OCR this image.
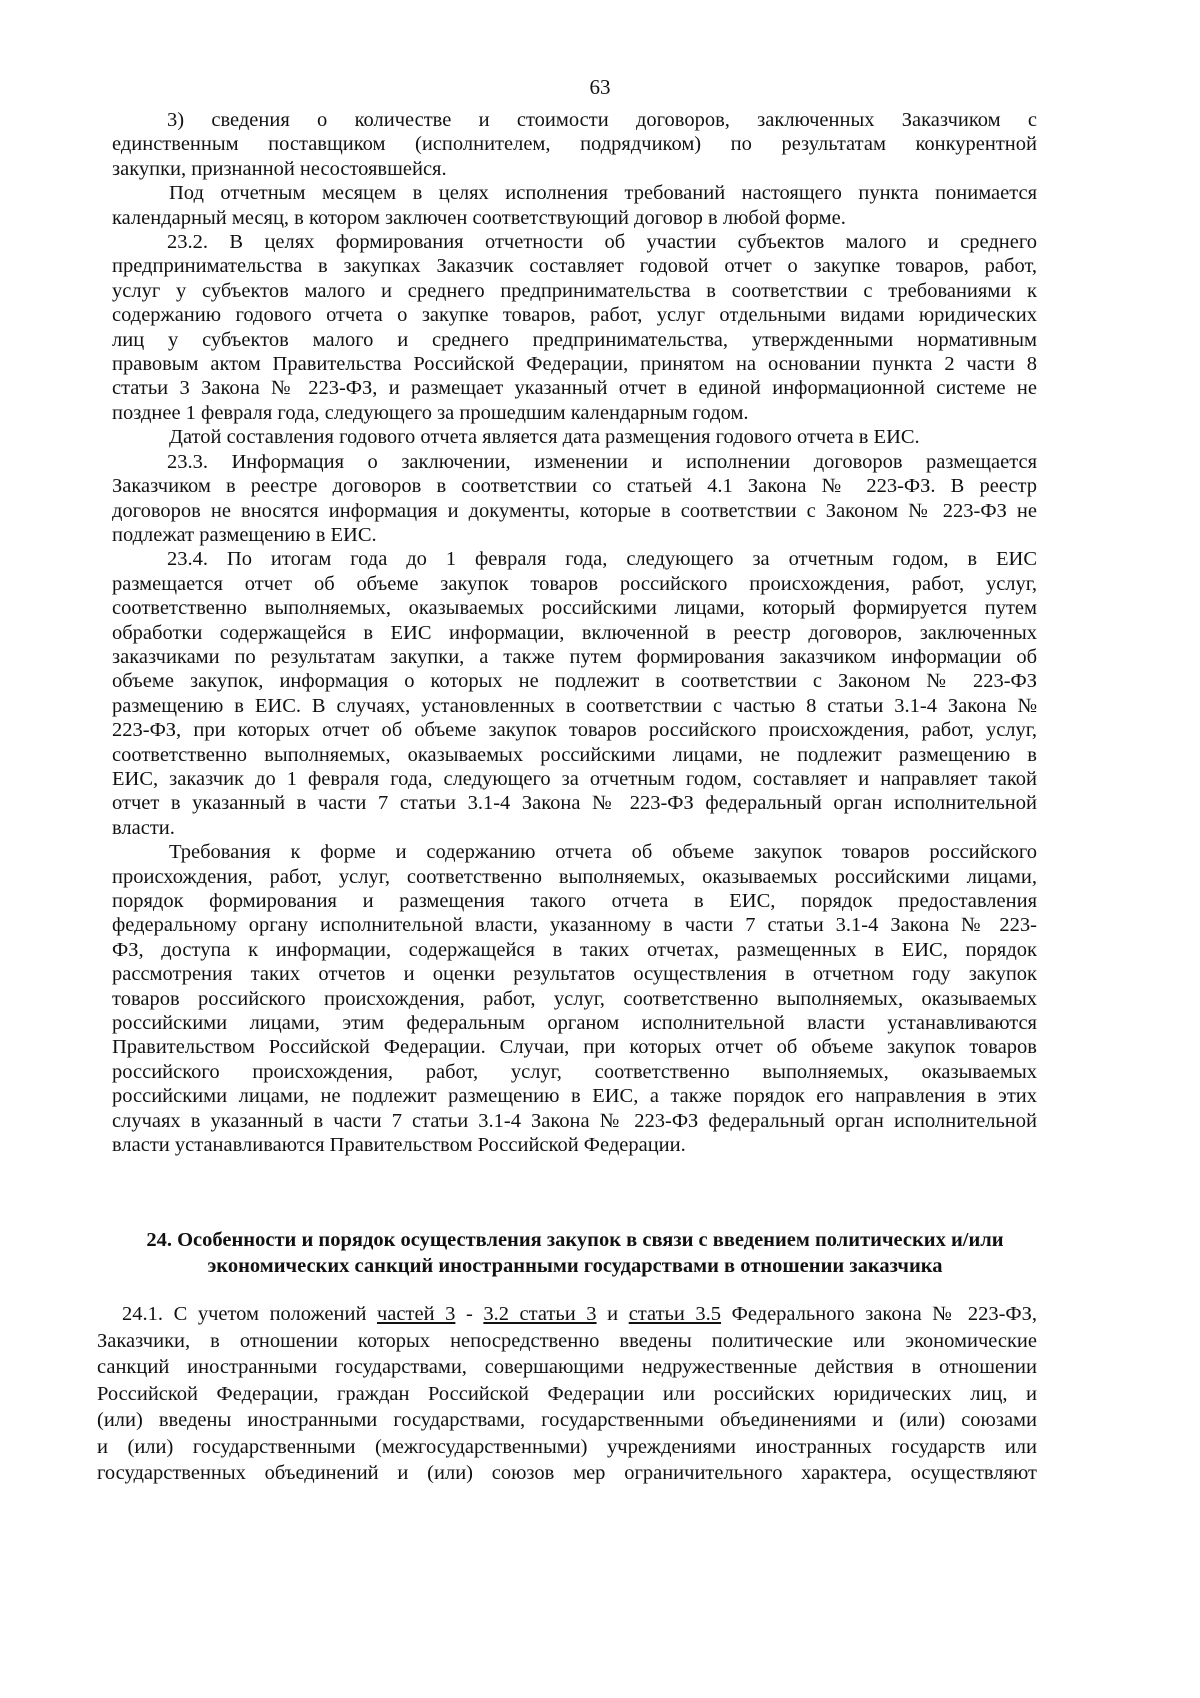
63
3) сведения о количестве и стоимости договоров, заключенных Заказчиком с
единственным поставщиком (исполнителем, подрядчиком) по результатам конкурентной
закупки, признанной несостоявшейся.
Под отчетным месяцем в целях исполнения требований настоящего пункта понимается
календарный месяц, в котором заключен соответствующий договор в любой форме.
23.2. В целях формирования отчетности об участии субъектов малого и среднего
предпринимательства в закупках Заказчик составляет годовой отчет о закупке товаров, работ,
услуг у субъектов малого и среднего предпринимательства в соответствии с требованиями к
содержанию годового отчета о закупке товаров, работ, услуг отдельными видами юридических
лиц у субъектов малого и среднего предпринимательства, утвержденными нормативным
правовым актом Правительства Российской Федерации, принятом на основании пункта 2 части 8
статьи 3 Закона № 223-ФЗ, и размещает указанный отчет в единой информационной системе не
позднее 1 февраля года, следующего за прошедшим календарным годом.
Датой составления годового отчета является дата размещения годового отчета в ЕИС.
23.3. Информация о заключении, изменении и исполнении договоров размещается
Заказчиком в реестре договоров в соответствии со статьей 4.1 Закона № 223-ФЗ. В реестр
договоров не вносятся информация и документы, которые в соответствии с Законом № 223-ФЗ не
подлежат размещению в ЕИС.
23.4. По итогам года до 1 февраля года, следующего за отчетным годом, в ЕИС
размещается отчет об объеме закупок товаров российского происхождения, работ, услуг,
соответственно выполняемых, оказываемых российскими лицами, который формируется путем
обработки содержащейся в ЕИС информации, включенной в реестр договоров, заключенных
заказчиками по результатам закупки, а также путем формирования заказчиком информации об
объеме закупок, информация о которых не подлежит в соответствии с Законом № 223-ФЗ
размещению в ЕИС. В случаях, установленных в соответствии с частью 8 статьи 3.1-4 Закона №
223-ФЗ, при которых отчет об объеме закупок товаров российского происхождения, работ, услуг,
соответственно выполняемых, оказываемых российскими лицами, не подлежит размещению в
ЕИС, заказчик до 1 февраля года, следующего за отчетным годом, составляет и направляет такой
отчет в указанный в части 7 статьи 3.1-4 Закона № 223-ФЗ федеральный орган исполнительной
власти.
Требования к форме и содержанию отчета об объеме закупок товаров российского
происхождения, работ, услуг, соответственно выполняемых, оказываемых российскими лицами,
порядок формирования и размещения такого отчета в ЕИС, порядок предоставления
федеральному органу исполнительной власти, указанному в части 7 статьи 3.1-4 Закона № 223-
ФЗ, доступа к информации, содержащейся в таких отчетах, размещенных в ЕИС, порядок
рассмотрения таких отчетов и оценки результатов осуществления в отчетном году закупок
товаров российского происхождения, работ, услуг, соответственно выполняемых, оказываемых
российскими лицами, этим федеральным органом исполнительной власти устанавливаются
Правительством Российской Федерации. Случаи, при которых отчет об объеме закупок товаров
российского происхождения, работ, услуг, соответственно выполняемых, оказываемых
российскими лицами, не подлежит размещению в ЕИС, а также порядок его направления в этих
случаях в указанный в части 7 статьи 3.1-4 Закона № 223-ФЗ федеральный орган исполнительной
власти устанавливаются Правительством Российской Федерации.
24. Особенности и порядок осуществления закупок в связи с введением политических и/или
экономических санкций иностранными государствами в отношении заказчика
24.1. С учетом положений частей 3 - 3.2 статьи 3 и статьи 3.5 Федерального закона № 223-ФЗ,
Заказчики, в отношении которых непосредственно введены политические или экономические
санкций иностранными государствами, совершающими недружественные действия в отношении
Российской Федерации, граждан Российской Федерации или российских юридических лиц, и
(или) введены иностранными государствами, государственными объединениями и (или) союзами
и (или) государственными (межгосударственными) учреждениями иностранных государств или
государственных объединений и (или) союзов мер ограничительного характера, осуществляют
